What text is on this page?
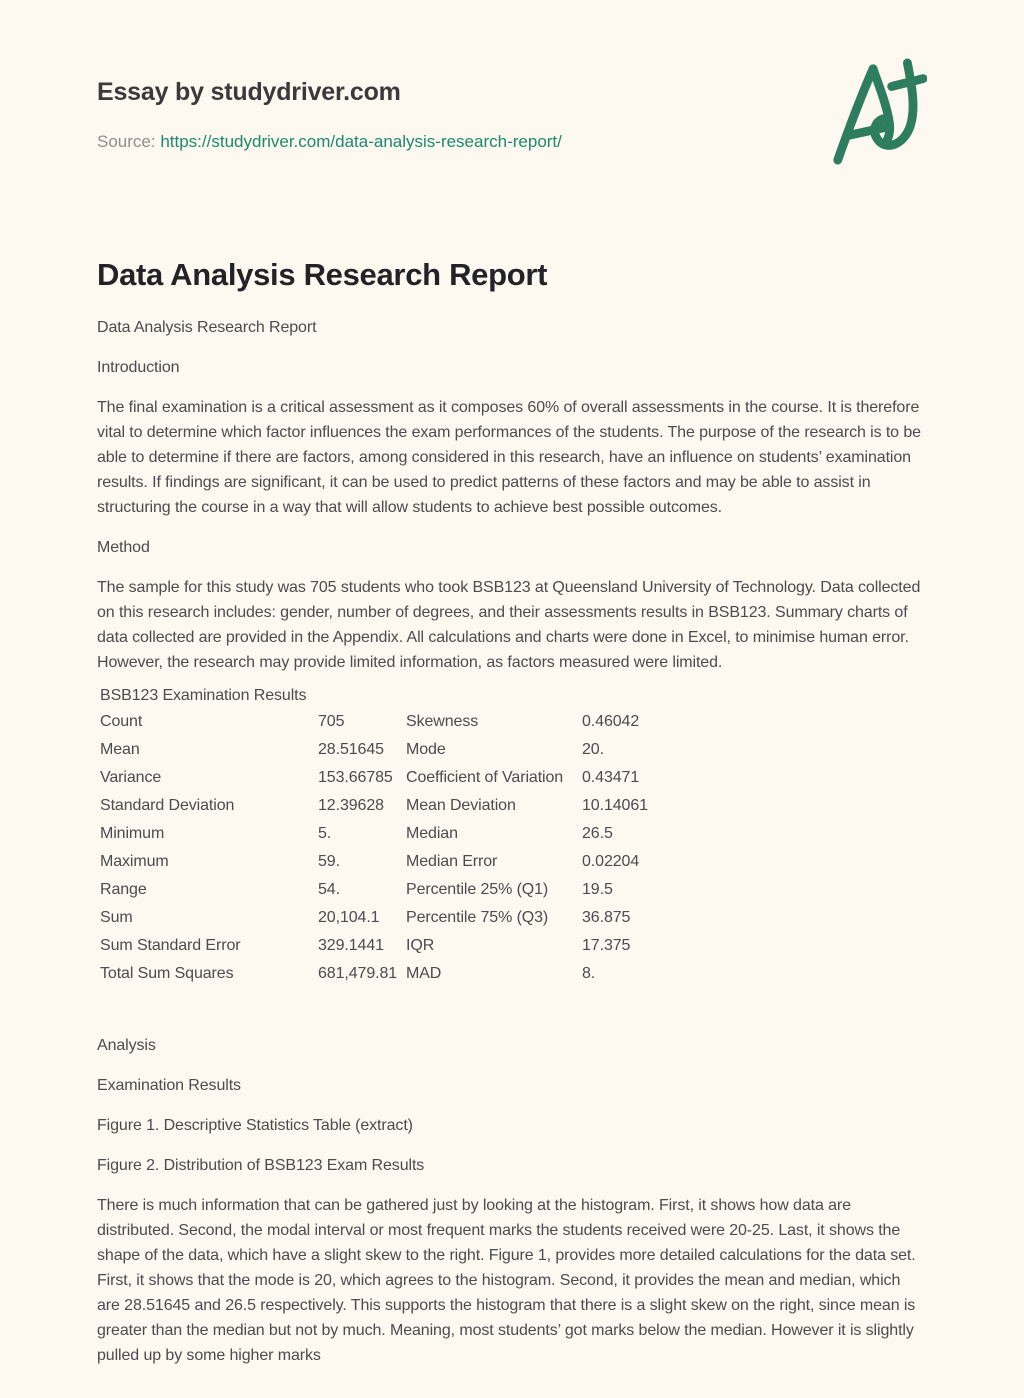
Essay by studydriver.com
Source: https://studydriver.com/data-analysis-research-report/
Data Analysis Research Report

Data Analysis Research Report

Introduction

The final examination is a critical assessment as it composes 60% of overall assessments in the course. It is therefore vital to determine which factor influences the exam performances of the students. The purpose of the research is to be able to determine if there are factors, among considered in this research, have an influence on students’ examination results. If findings are significant, it can be used to predict patterns of these factors and may be able to assist in structuring the course in a way that will allow students to achieve best possible outcomes.

Method

The sample for this study was 705 students who took BSB123 at Queensland University of Technology. Data collected on this research includes: gender, number of degrees, and their assessments results in BSB123. Summary charts of data collected are provided in the Appendix. All calculations and charts were done in Excel, to minimise human error. However, the research may provide limited information, as factors measured were limited.

BSB123 Examination Results
Count	705	Skewness	0.46042
Mean	28.51645	Mode	20.
Variance	153.66785 Coefficient of Variation	0.43471
Standard Deviation	12.39628	Mean Deviation	10.14061
Minimum	5.	Median	26.5
Maximum	59.	Median Error	0.02204
Range	54.	Percentile 25% (Q1)	19.5
Sum	20,104.1	Percentile 75% (Q3)	36.875
Sum Standard Error	329.1441	IQR	17.375
Total Sum Squares	681,479.81 MAD	8.

Analysis

Examination Results

Figure 1. Descriptive Statistics Table (extract)

Figure 2. Distribution of BSB123 Exam Results

There is much information that can be gathered just by looking at the histogram. First, it shows how data are distributed. Second, the modal interval or most frequent marks the students received were 20-25. Last, it shows the shape of the data, which have a slight skew to the right. Figure 1, provides more detailed calculations for the data set. First, it shows that the mode is 20, which agrees to the histogram. Second, it provides the mean and median, which are 28.51645 and 26.5 respectively. This supports the histogram that there is a slight skew on the right, since mean is greater than the median but not by much. Meaning, most students’ got marks below the median. However it is slightly pulled up by some higher marks
